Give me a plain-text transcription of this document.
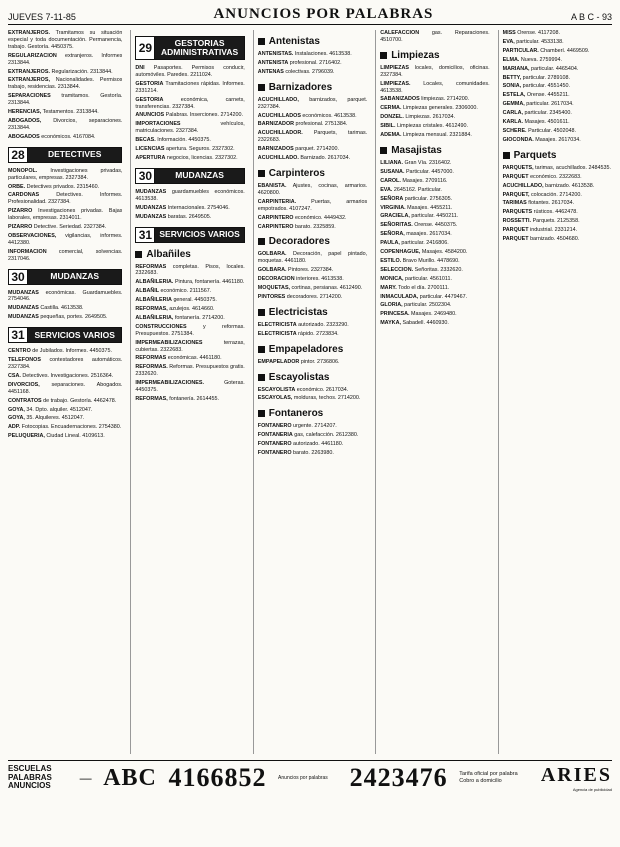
JUEVES 7-11-85	ANUNCIOS POR PALABRAS	A B C - 93
EXTRANJEROS. Tramitamos su situación especial y toda documentación. Permanencia, trabajo. Gestoría. 4450375.
REGULARIZACION extranjeros. Informes 2313844.
EXTRANJEROS. Regularización. 2313844.
EXTRANJEROS, Nacionalidades. Permisos trabajo, residencias. 2313844.
SEPARACIONES tramitamos. Gestoría. 2313844.
HERENCIAS, Testamentos. 2313844.
ABOGADOS, Divorcios, separaciones. 2313844.
ABOGADOS económicos. 4167084.
28	DETECTIVES
MONOPOL. Investigaciones privadas, particulares, empresas. 2327384.
ORBE. Detectives privados. 2315460.
CARDONAS	Detectives. Informes. Profesionalidad. 2327384.
PIZARRO Investigaciones privadas. Bajas laborales, empresas. 2314011.
PIZARRO Detective. Seriedad. 2327384.
OBSERVACIONES, vigilancias, informes. 4412380.
INFORMACION comercial, solvencias. 2317046.
30	MUDANZAS
MUDANZAS económicas. Guardamuebles. 2754046.
MUDANZAS Castilla. 4613538.
MUDANZAS pequeñas, portes. 2649505.
31	SERVICIOS VARIOS
CENTRO de Jubilados. Informes. 4450375.
TELEFONOS contestadores automáticos. 2327384.
CSA. Detectives. Investigaciones. 2516364.
DIVORCIOS, separaciones. Abogados. 4451168.
CONTRATOS de trabajo. Gestoría. 4462478.
GOYA, 34. Dpto. alquiler. 4512047.
GOYA, 35. Alquileres. 4512047.
ADP. Fotocopias. Encuadernaciones. 2754380.
PELUQUERIA, Ciudad Lineal. 4109613.
29	GESTORIAS ADMINISTRATIVAS
DNI Pasaportes. Permisos conducir, automóviles. Paredes. 2211024.
GESTORIA Tramitaciones rápidas. Informes. 2331214.
GESTORIA	económica, carnets, transferencias. 2327384.
ANUNCIOS Palabras. Inserciones. 2714200.
IMPORTACIONES	vehículos, matriculaciones. 2327384.
BECAS. Información. 4450375.
LICENCIAS apertura. Seguros. 2327302.
APERTURA negocios, licencias. 2327302.
30	MUDANZAS
MUDANZAS guardamuebles económicos. 4613538.
MUDANZAS Internacionales. 2754046.
MUDANZAS baratas. 2649505.
31 SERVICIOS VARIOS
Albañiles
REFORMAS completas. Pisos, locales. 2322683.
ALBAÑILERIA. Pintura, fontanería. 4461180.
ALBAÑIL económico. 2111567.
ALBAÑILERIA general. 4450375.
REFORMAS, azulejos. 4614660.
ALBAÑILERIA, fontanería. 2714200.
CONSTRUCCIONES	y reformas. Presupuestos. 2751384.
IMPERMEABILIZACIONES	terrazas, cubiertas. 2322683.
REFORMAS económicas. 4461180.
REFORMAS. Reformas. Presupuestos gratis. 2332620.
IMPERMEABILIZACIONES.	Goteras. 4450375.
REFORMAS, fontanería. 2614455.
Antenistas
ANTENISTAS. Instalaciones. 4613538.
ANTENISTA profesional. 2716402.
ANTENAS colectivas. 2796039.
Barnizadores
ACUCHILLADO, barnizados, parquet. 2327384.
ACUCHILLADOS económicos. 4613538.
BARNIZADOR profesional. 2751384.
ACUCHILLADOR. Parquets, tarimas. 2322683.
BARNIZADOS parquet. 2714200.
ACUCHILLADO. Barnizado. 2617034.
Carpinteros
EBANISTA. Ajustes, cocinas, armarios. 4620800.
CARPINTERIA.	Puertas, armarios empotrados. 4107247.
CARPINTERO económico. 4449432.
CARPINTERO barato. 2325859.
Decoradores
GOLBARA. Decoración, papel pintado, moquetas. 4461180.
GOLBARA. Pintores. 2327384.
DECORACION interiores. 4613538.
MOQUETAS, cortinas, persianas. 4612490.
PINTORES decoradores. 2714200.
Electricistas
ELECTRICISTA autorizado. 2323290.
ELECTRICISTA rápido. 2723834.
Empapeladores
EMPAPELADOR pintor. 2736806.
Escayolistas
ESCAYOLISTA económico. 2617034.
ESCAYOLAS, molduras, techos. 2714200.
Fontaneros
FONTANERO urgente. 2714207.
FONTANERIA gas, calefacción. 2612380.
FONTANERO autorizado. 4461180.
FONTANERO barato. 2263980.
CALEFACCION gas. Reparaciones. 4510700.
Limpiezas
LIMPIEZAS locales, domicilios, oficinas. 2327384.
LIMPIEZAS. Locales, comunidades. 4613538.
SABANIZADOS limpiezas. 2714200.
CERMA. Limpiezas generales. 2306000.
DONZEL. Limpiezas. 2617034.
SIBIL. Limpiezas cristales. 4612490.
ADEMA. Limpieza mensual. 2321884.
Masajistas
LILIANA. Gran Vía. 2316402.
SUSANA. Particular. 4457000.
CAROL. Masajes. 2709116.
EVA. 2645162. Particular.
SEÑORA particular. 2756305.
VIRGINIA. Masajes. 4455211.
GRACIELA, particular. 4450211.
SEÑORITAS. Orense. 4450375.
SEÑORA, masajes. 2617034.
PAULA, particular. 2416806.
COPENHAGUE, Masajes. 4584200.
ESTILO. Bravo Murillo. 4478690.
SELECCION. Señoritas. 2332620.
MONICA, particular. 4561011.
MARY. Todo el día. 2700111.
INMACULADA, particular. 4479467.
GLORIA, particular. 2502304.
PRINCESA. Masajes. 2469480.
MAYKA, Sabadell. 4460930.
MISS Orense. 4117208.
EVA, particular. 4533138.
PARTICULAR. Chamberí. 4469509.
ELMA. Nueva. 2759994.
MARIANA, particular. 4465404.
BETTY, particular. 2789108.
SONIA, particular. 4551450.
ESTELA, Orense. 4455211.
GEMMA, particular. 2617034.
CARLA, particular. 2345400.
KARLA. Masajes. 4501611.
SCHERE. Particular. 4502048.
GIOCONDA. Masajes. 2617034.
Parquets
PARQUETS, tarimas, acuchillados. 2484535.
PARQUET económico. 2322683.
ACUCHILLADO, barnizado. 4613538.
PARQUET, colocación. 2714200.
TARIMAS flotantes. 2617034.
PARQUETS rústicos. 4462478.
ROSSETTI. Parquets. 2125358.
PARQUET industrial. 2331214.
PARQUET barnizado. 4504680.
ESCUELAS PALABRAS ANUNCIOS
— ABC 4166852 Anuncios por palabras 2423476 Tarifa oficial por palabra
Cobro a domicilio	ARIES
Agencia de publicidad
